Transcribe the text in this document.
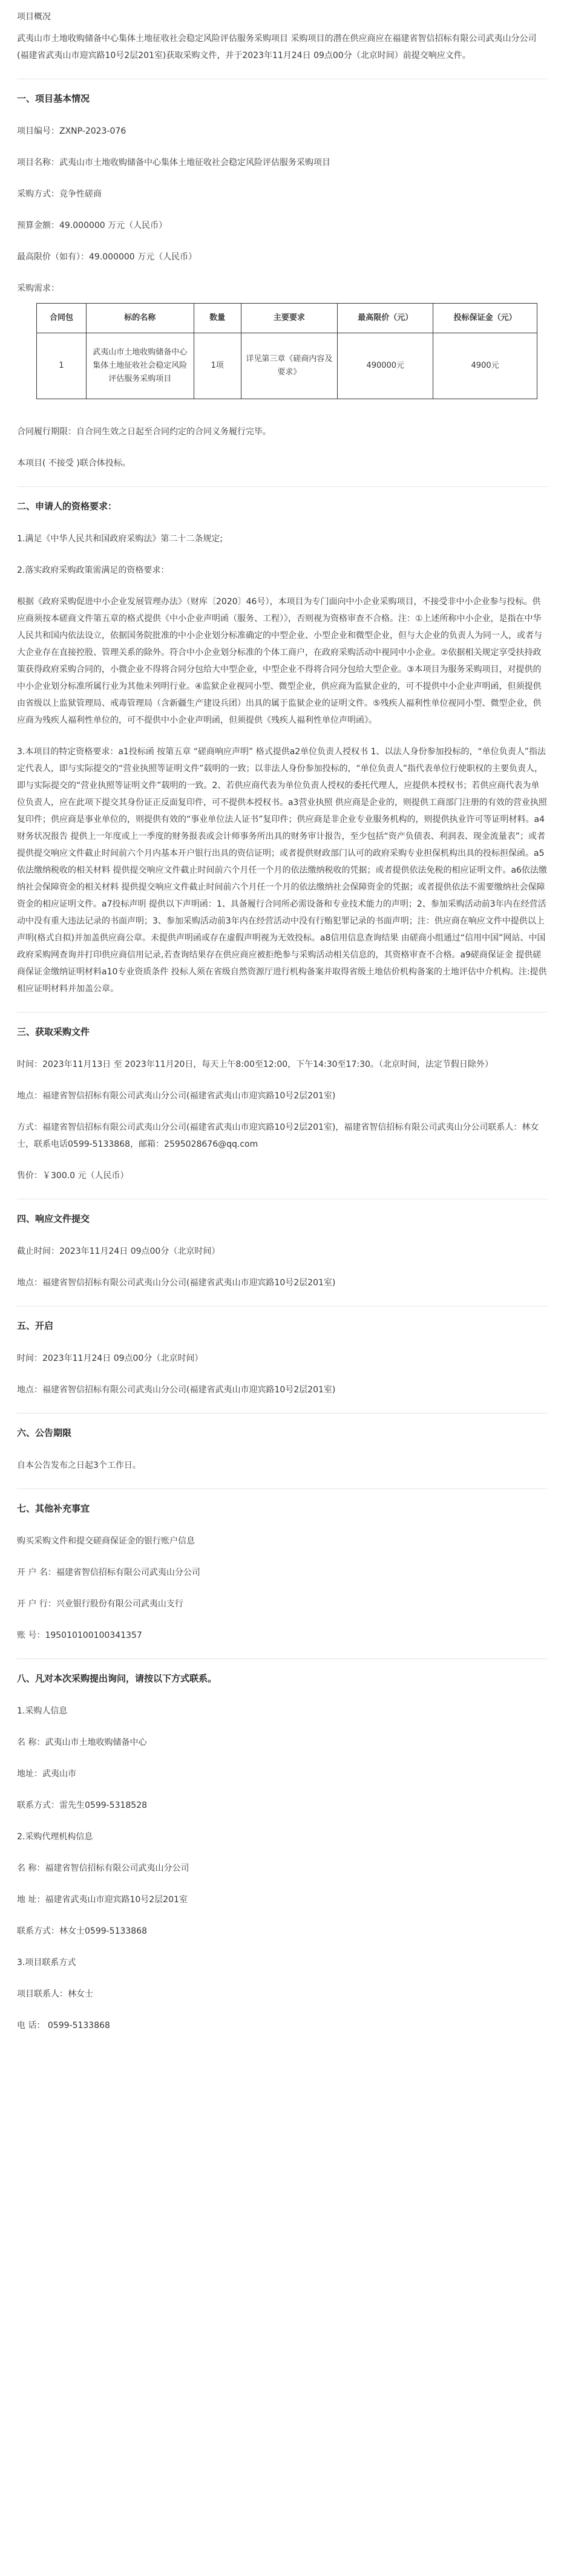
项目概况

武夷山市土地收购储备中心集体土地征收社会稳定风险评估服务采购项目 采购项目的潜在供应商应在福建省智信招标有限公司武夷山分公司(福建省武夷山市迎宾路10号2层201室)获取采购文件，并于2023年11月24日 09点00分（北京时间）前提交响应文件。

一、项目基本情况

项目编号：ZXNP-2023-076

项目名称：武夷山市土地收购储备中心集体土地征收社会稳定风险评估服务采购项目

采购方式：竞争性磋商

预算金额：49.000000 万元（人民币）

最高限价（如有）：49.000000 万元（人民币）

采购需求：

合同包	标的名称	数量	主要要求	最高限价（元）	投标保证金（元）
1	武夷山市土地收购储备中心集体土地征收社会稳定风险评估服务采购项目	1项	详见第三章《磋商内容及要求》	490000元	4900元

合同履行期限：自合同生效之日起至合同约定的合同义务履行完毕。

本项目( 不接受 )联合体投标。

二、申请人的资格要求：

1.满足《中华人民共和国政府采购法》第二十二条规定;

2.落实政府采购政策需满足的资格要求：

根据《政府采购促进中小企业发展管理办法》（财库〔2020〕46号），本项目为专门面向中小企业采购项目，不接受非中小企业参与投标。供应商须按本磋商文件第五章的格式提供《中小企业声明函（服务、工程）》，否则视为资格审查不合格。注：①上述所称中小企业，是指在中华人民共和国内依法设立，依据国务院批准的中小企业划分标准确定的中型企业、小型企业和微型企业，但与大企业的负责人为同一人，或者与大企业存在直接控股、管理关系的除外。符合中小企业划分标准的个体工商户，在政府采购活动中视同中小企业。②依据相关规定享受扶持政策获得政府采购合同的，小微企业不得将合同分包给大中型企业，中型企业不得将合同分包给大型企业。③本项目为服务采购项目，对提供的中小企业划分标准所属行业为其他未列明行业。④监狱企业视同小型、微型企业，供应商为监狱企业的，可不提供中小企业声明函，但须提供由省级以上监狱管理局、戒毒管理局（含新疆生产建设兵团）出具的属于监狱企业的证明文件。⑤残疾人福利性单位视同小型、微型企业，供应商为残疾人福利性单位的，可不提供中小企业声明函，但须提供《残疾人福利性单位声明函》。

3.本项目的特定资格要求：a1投标函 按第五章 “磋商响应声明” 格式提供a2单位负责人授权书 1、以法人身份参加投标的，“单位负责人”指法定代表人，即与实际提交的“营业执照等证明文件”载明的一致；以非法人身份参加投标的，“单位负责人”指代表单位行使职权的主要负责人，即与实际提交的“营业执照等证明文件”载明的一致。2、若供应商代表为单位负责人授权的委托代理人，应提供本授权书；若供应商代表为单位负责人，应在此项下提交其身份证正反面复印件，可不提供本授权书。a3营业执照 供应商是企业的，则提供工商部门注册的有效的营业执照复印件；供应商是事业单位的，则提供有效的“事业单位法人证书”复印件；供应商是非企业专业服务机构的，则提供执业许可等证明材料。a4财务状况报告 提供上一年度或上一季度的财务报表或会计师事务所出具的财务审计报告，至少包括“资产负债表、利润表、现金流量表”；或者提供提交响应文件截止时间前六个月内基本开户银行出具的资信证明；或者提供财政部门认可的政府采购专业担保机构出具的投标担保函。a5依法缴纳税收的相关材料 提供提交响应文件截止时间前六个月任一个月的依法缴纳税收的凭据；或者提供依法免税的相应证明文件。a6依法缴纳社会保障资金的相关材料 提供提交响应文件截止时间前六个月任一个月的依法缴纳社会保障资金的凭据；或者提供依法不需要缴纳社会保障资金的相应证明文件。a7投标声明 提供以下声明函：1、具备履行合同所必需设备和专业技术能力的声明；2、参加采购活动前3年内在经营活动中没有重大违法记录的书面声明；3、参加采购活动前3年内在经营活动中没有行贿犯罪记录的书面声明；注：供应商在响应文件中提供以上声明(格式自拟)并加盖供应商公章。未提供声明函或存在虚假声明视为无效投标。a8信用信息查询结果 由磋商小组通过“信用中国”网站、中国政府采购网查询并打印供应商信用记录,若查询结果存在供应商应被拒绝参与采购活动相关信息的，其资格审查不合格。a9磋商保证金 提供磋商保证金缴纳证明材料a10专业资质条件 投标人须在省级自然资源厅进行机构备案并取得省级土地估价机构备案的土地评估中介机构。注:提供相应证明材料并加盖公章。

三、获取采购文件

时间：2023年11月13日 至 2023年11月20日，每天上午8:00至12:00，下午14:30至17:30。（北京时间，法定节假日除外）

地点：福建省智信招标有限公司武夷山分公司(福建省武夷山市迎宾路10号2层201室)

方式：福建省智信招标有限公司武夷山分公司(福建省武夷山市迎宾路10号2层201室)，福建省智信招标有限公司武夷山分公司联系人：林女士，联系电话0599-5133868，邮箱：2595028676@qq.com

售价：￥300.0 元（人民币）

四、响应文件提交

截止时间：2023年11月24日 09点00分（北京时间）

地点：福建省智信招标有限公司武夷山分公司(福建省武夷山市迎宾路10号2层201室)

五、开启

时间：2023年11月24日 09点00分（北京时间）

地点：福建省智信招标有限公司武夷山分公司(福建省武夷山市迎宾路10号2层201室)

六、公告期限

自本公告发布之日起3个工作日。

七、其他补充事宜

购买采购文件和提交磋商保证金的银行账户信息

开 户 名：福建省智信招标有限公司武夷山分公司

开 户 行：兴业银行股份有限公司武夷山支行

账 号：195010100100341357

八、凡对本次采购提出询问，请按以下方式联系。

1.采购人信息

名 称：武夷山市土地收购储备中心

地址：武夷山市

联系方式：雷先生0599-5318528

2.采购代理机构信息

名 称：福建省智信招标有限公司武夷山分公司

地 址：福建省武夷山市迎宾路10号2层201室

联系方式：林女士0599-5133868

3.项目联系方式

项目联系人：林女士

电 话： 0599-5133868
